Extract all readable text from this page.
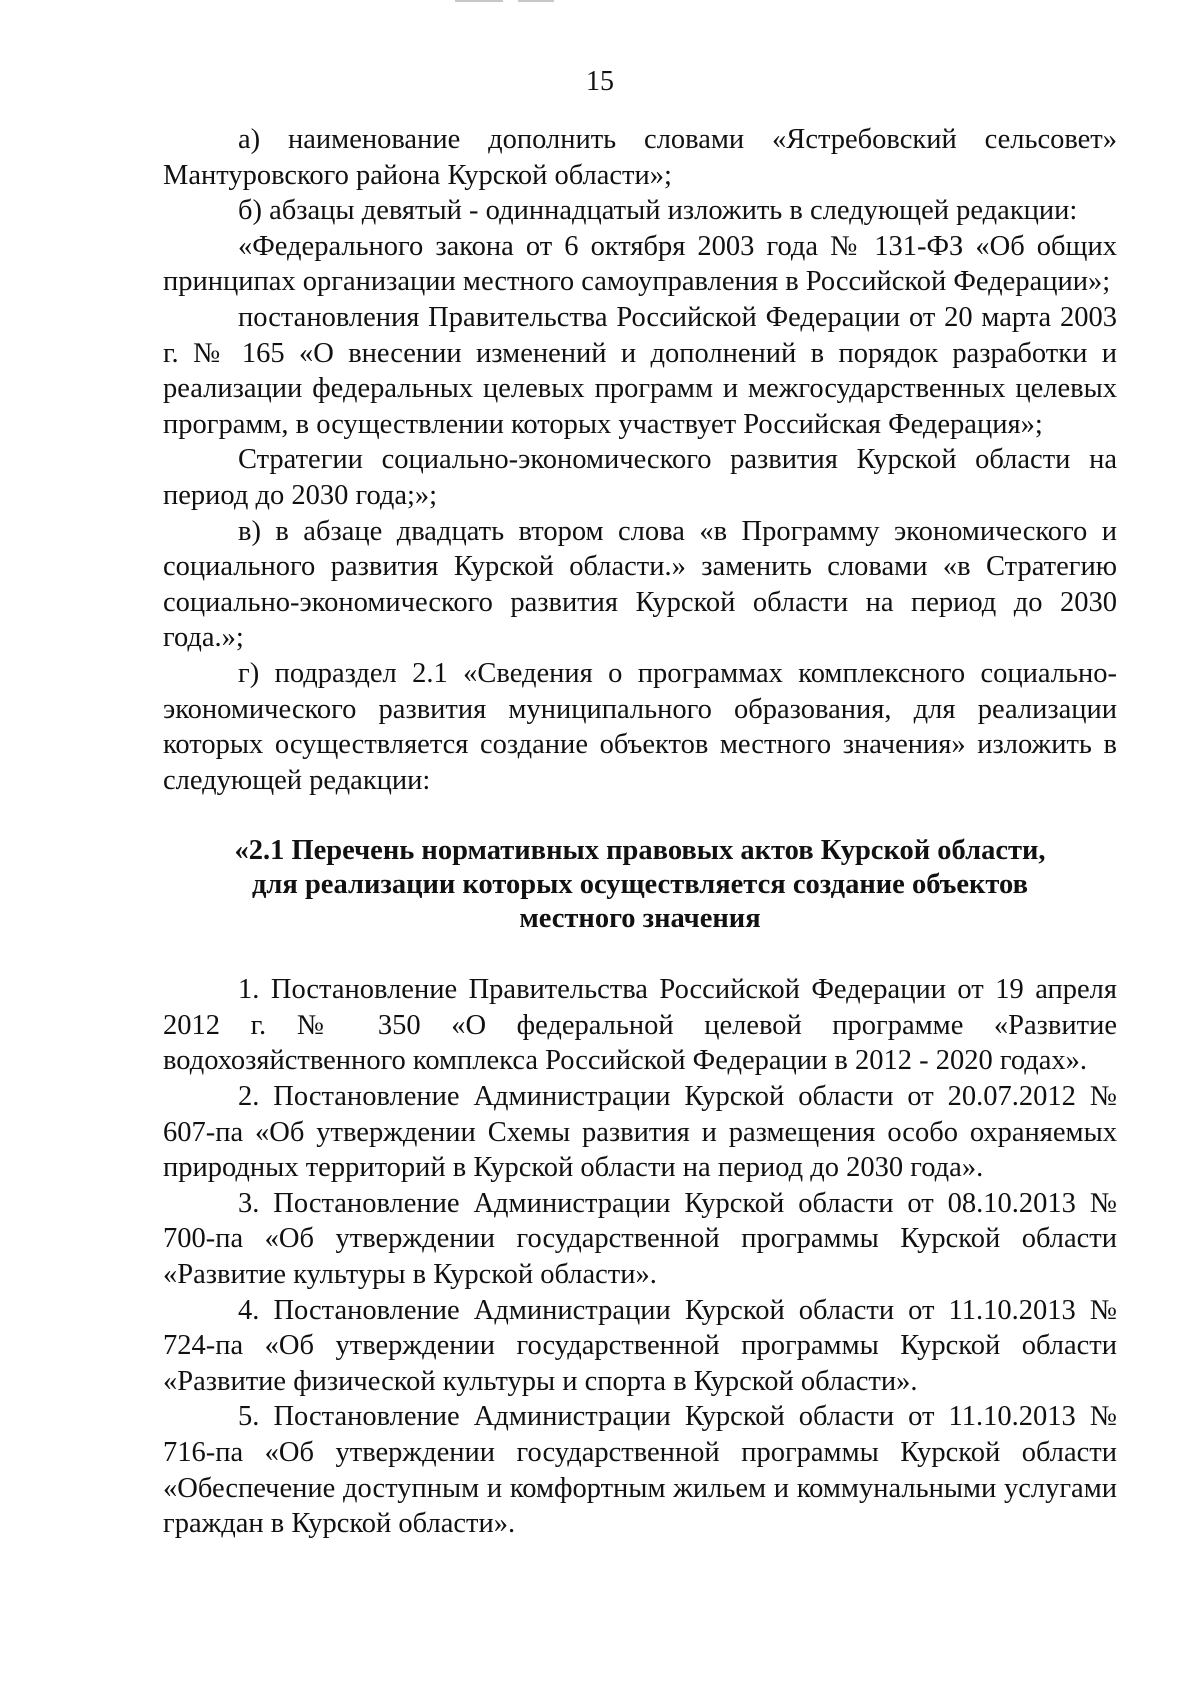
15

а) наименование дополнить словами «Ястребовский сельсовет» Мантуровского района Курской области»;

б) абзацы девятый - одиннадцатый изложить в следующей редакции:

«Федерального закона от 6 октября 2003 года № 131-ФЗ «Об общих принципах организации местного самоуправления в Российской Федерации»;

постановления Правительства Российской Федерации от 20 марта 2003 г. № 165 «О внесении изменений и дополнений в порядок разработки и реализации федеральных целевых программ и межгосударственных целевых программ, в осуществлении которых участвует Российская Федерация»;

Стратегии социально-экономического развития Курской области на период до 2030 года;»;

в) в абзаце двадцать втором слова «в Программу экономического и социального развития Курской области.» заменить словами «в Стратегию социально-экономического развития Курской области на период до 2030 года.»;

г) подраздел 2.1 «Сведения о программах комплексного социально-экономического развития муниципального образования, для реализации которых осуществляется создание объектов местного значения» изложить в следующей редакции:

«2.1 Перечень нормативных правовых актов Курской области,
для реализации которых осуществляется создание объектов
местного значения

1. Постановление Правительства Российской Федерации от 19 апреля 2012 г. № 350 «О федеральной целевой программе «Развитие водохозяйственного комплекса Российской Федерации в 2012 - 2020 годах».

2. Постановление Администрации Курской области от 20.07.2012 № 607-па «Об утверждении Схемы развития и размещения особо охраняемых природных территорий в Курской области на период до 2030 года».

3. Постановление Администрации Курской области от 08.10.2013 № 700-па «Об утверждении государственной программы Курской области «Развитие культуры в Курской области».

4. Постановление Администрации Курской области от 11.10.2013 № 724-па «Об утверждении государственной программы Курской области «Развитие физической культуры и спорта в Курской области».

5. Постановление Администрации Курской области от 11.10.2013 № 716-па «Об утверждении государственной программы Курской области «Обеспечение доступным и комфортным жильем и коммунальными услугами граждан в Курской области».
